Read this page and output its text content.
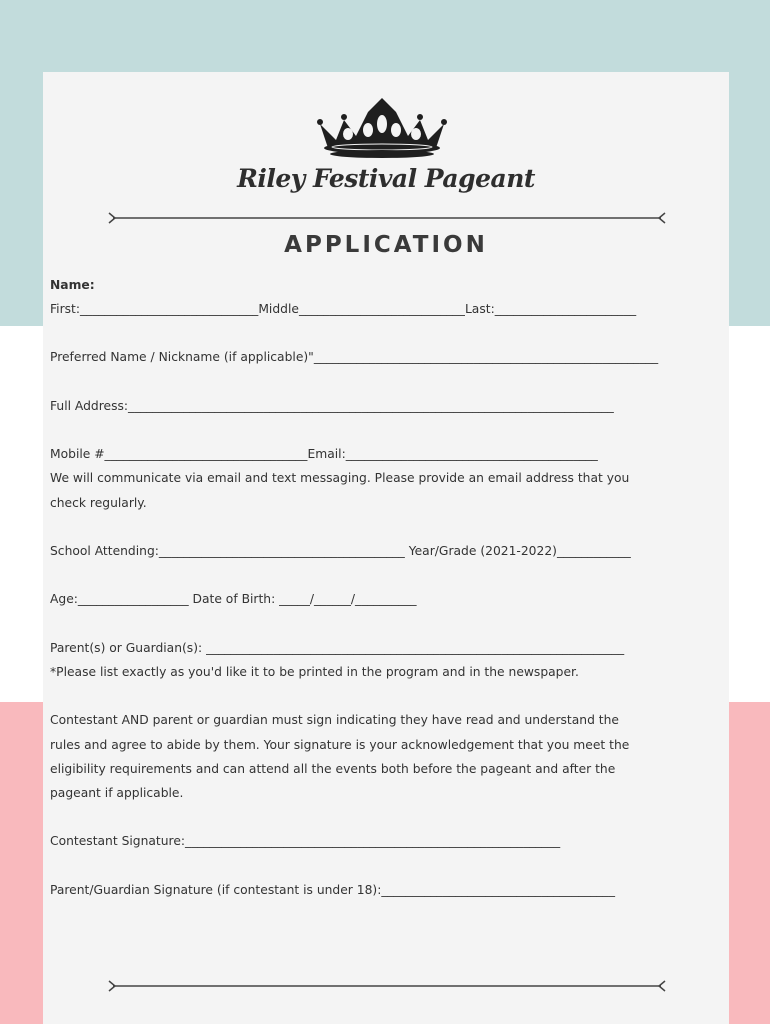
Riley Festival Pageant
APPLICATION
Name:
First:_____________________________Middle___________________________Last:_______________________
Preferred Name / Nickname (if applicable)"________________________________________________________
Full Address:_______________________________________________________________________________
Mobile #_________________________________Email:_________________________________________
We will communicate via email and text messaging. Please provide an email address that you
check regularly.
School Attending:________________________________________ Year/Grade (2021-2022)____________
Age:__________________ Date of Birth: _____/______/__________
Parent(s) or Guardian(s): ____________________________________________________________________
*Please list exactly as you'd like it to be printed in the program and in the newspaper.
Contestant AND parent or guardian must sign indicating they have read and understand the
rules and agree to abide by them. Your signature is your acknowledgement that you meet the
eligibility requirements and can attend all the events both before the pageant and after the
pageant if applicable.
Contestant Signature:_____________________________________________________________
Parent/Guardian Signature (if contestant is under 18):______________________________________
